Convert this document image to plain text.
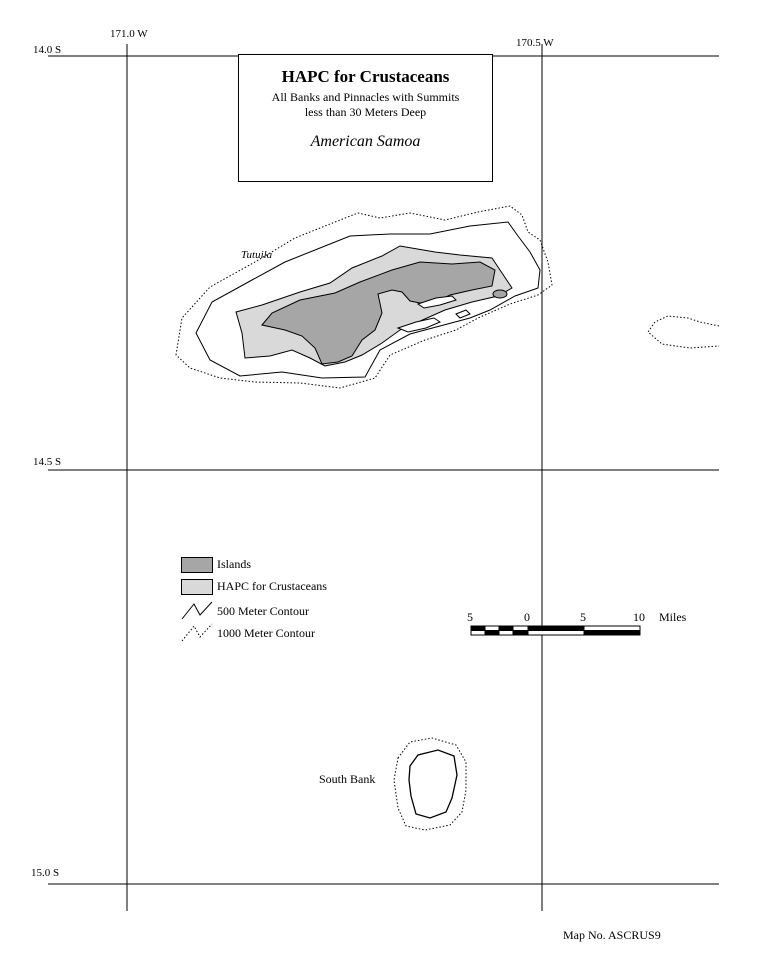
171.0 W
170.5 W
14.0 S
14.5 S
15.0 S
HAPC for Crustaceans
All Banks and Pinnacles with Summits
less than 30 Meters Deep
American Samoa
Tutuila
South Bank
Islands
HAPC for Crustaceans
500 Meter Contour
1000 Meter Contour
5	0	5	10 Miles
Map No. ASCRUS9
